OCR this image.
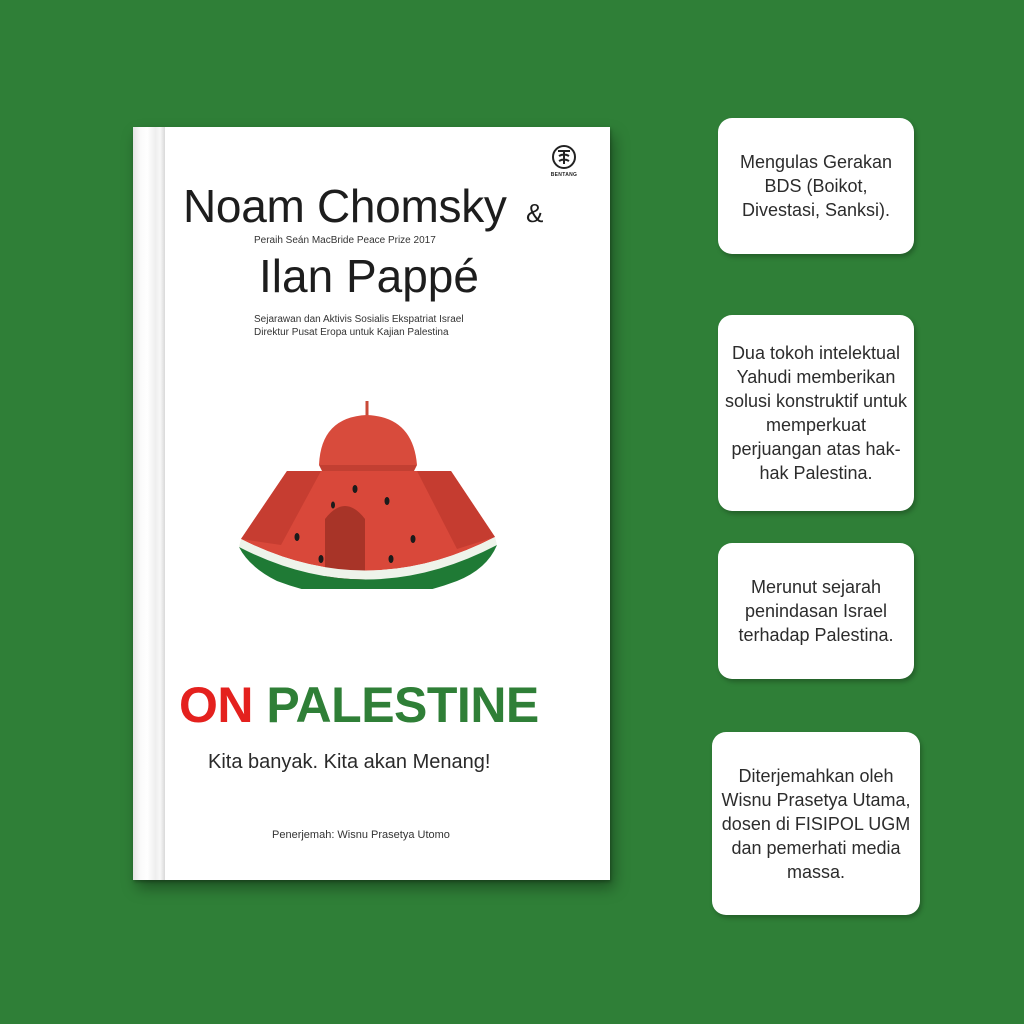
BENTANG
Noam Chomsky &
Peraih Seán MacBride Peace Prize 2017
Ilan Pappé
Sejarawan dan Aktivis Sosialis Ekspatriat Israel
Direktur Pusat Eropa untuk Kajian Palestina
ON PALESTINE
Kita banyak. Kita akan Menang!
Penerjemah: Wisnu Prasetya Utomo
Mengulas Gerakan BDS (Boikot, Divestasi, Sanksi).
Dua tokoh intelektual Yahudi memberikan solusi konstruktif untuk memperkuat perjuangan atas hak-hak Palestina.
Merunut sejarah penindasan Israel terhadap Palestina.
Diterjemahkan oleh Wisnu Prasetya Utama, dosen di FISIPOL UGM dan pemerhati media massa.
